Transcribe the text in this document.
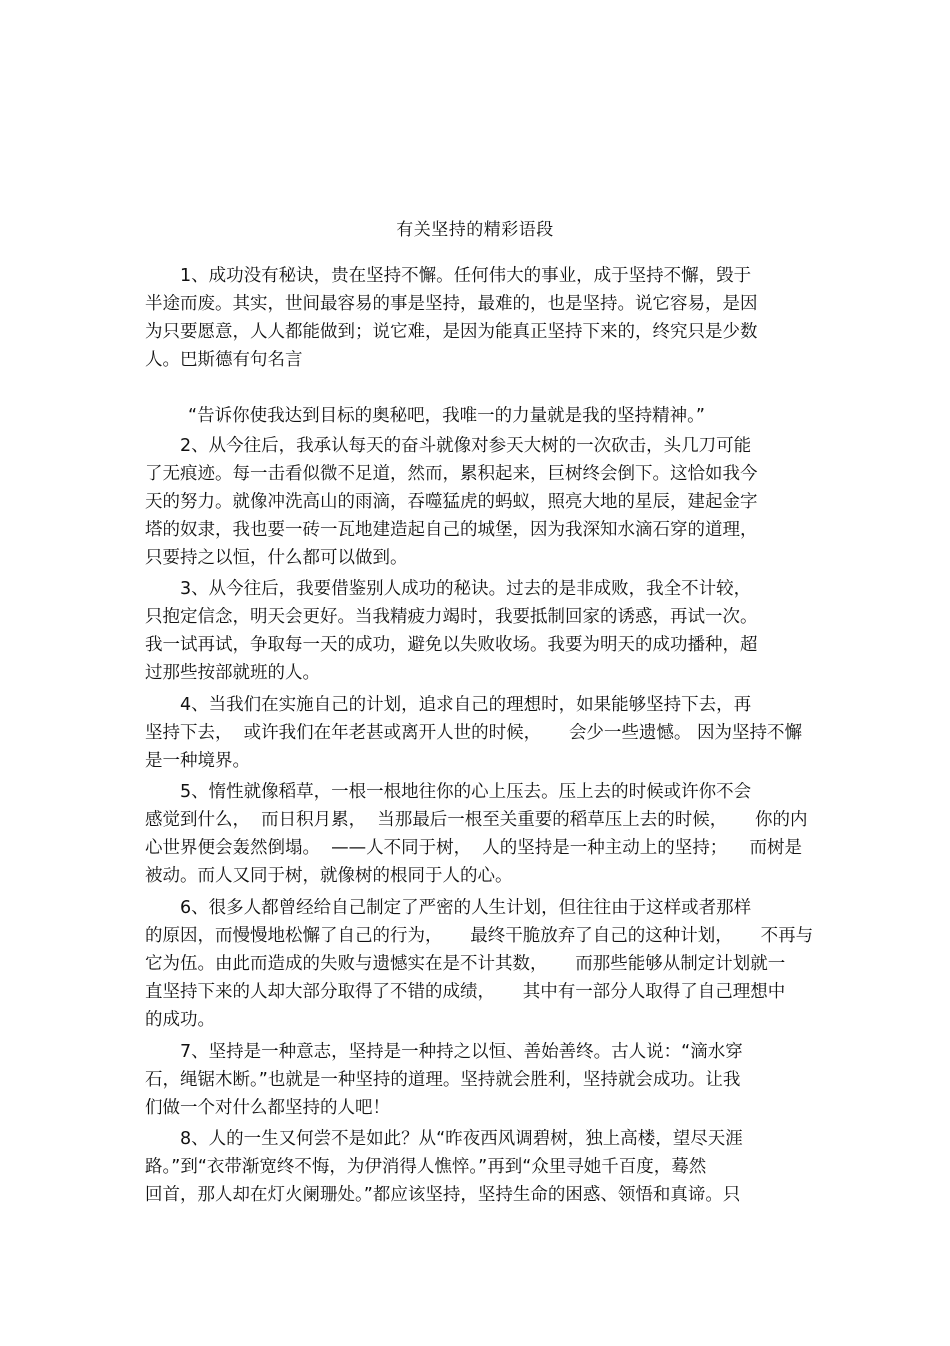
有关坚持的精彩语段
1、成功没有秘诀，贵在坚持不懈。任何伟大的事业，成于坚持不懈，毁于
半途而废。其实，世间最容易的事是坚持，最难的，也是坚持。说它容易，是因
为只要愿意，人人都能做到；说它难，是因为能真正坚持下来的，终究只是少数
人。巴斯德有句名言
“告诉你使我达到目标的奥秘吧，我唯一的力量就是我的坚持精神。”
2、从今往后，我承认每天的奋斗就像对参天大树的一次砍击，头几刀可能
了无痕迹。每一击看似微不足道，然而，累积起来，巨树终会倒下。这恰如我今
天的努力。就像冲洗高山的雨滴，吞噬猛虎的蚂蚁，照亮大地的星辰，建起金字
塔的奴隶，我也要一砖一瓦地建造起自己的城堡，因为我深知水滴石穿的道理，
只要持之以恒，什么都可以做到。
3、从今往后，我要借鉴别人成功的秘诀。过去的是非成败，我全不计较，
只抱定信念，明天会更好。当我精疲力竭时，我要抵制回家的诱惑，再试一次。
我一试再试，争取每一天的成功，避免以失败收场。我要为明天的成功播种，超
过那些按部就班的人。
4、当我们在实施自己的计划，追求自己的理想时，如果能够坚持下去，再
坚持下去，  或许我们在年老甚或离开人世的时候，     会少一些遗憾。 因为坚持不懈
是一种境界。
5、惰性就像稻草，一根一根地往你的心上压去。压上去的时候或许你不会
感觉到什么，  而日积月累，  当那最后一根至关重要的稻草压上去的时候，     你的内
心世界便会轰然倒塌。  ——人不同于树，  人的坚持是一种主动上的坚持；    而树是
被动。而人又同于树，就像树的根同于人的心。
6、很多人都曾经给自己制定了严密的人生计划，但往往由于这样或者那样
的原因，而慢慢地松懈了自己的行为，     最终干脆放弃了自己的这种计划，     不再与
它为伍。由此而造成的失败与遗憾实在是不计其数，     而那些能够从制定计划就一
直坚持下来的人却大部分取得了不错的成绩，     其中有一部分人取得了自己理想中
的成功。
7、坚持是一种意志，坚持是一种持之以恒、善始善终。古人说：“滴水穿
石，绳锯木断。”也就是一种坚持的道理。坚持就会胜利，坚持就会成功。让我
们做一个对什么都坚持的人吧！
8、人的一生又何尝不是如此？从“昨夜西风调碧树，独上高楼，望尽天涯
路。”到“衣带渐宽终不悔，为伊消得人憔悴。”再到“众里寻她千百度，蓦然
回首，那人却在灯火阑珊处。”都应该坚持，坚持生命的困惑、领悟和真谛。只
